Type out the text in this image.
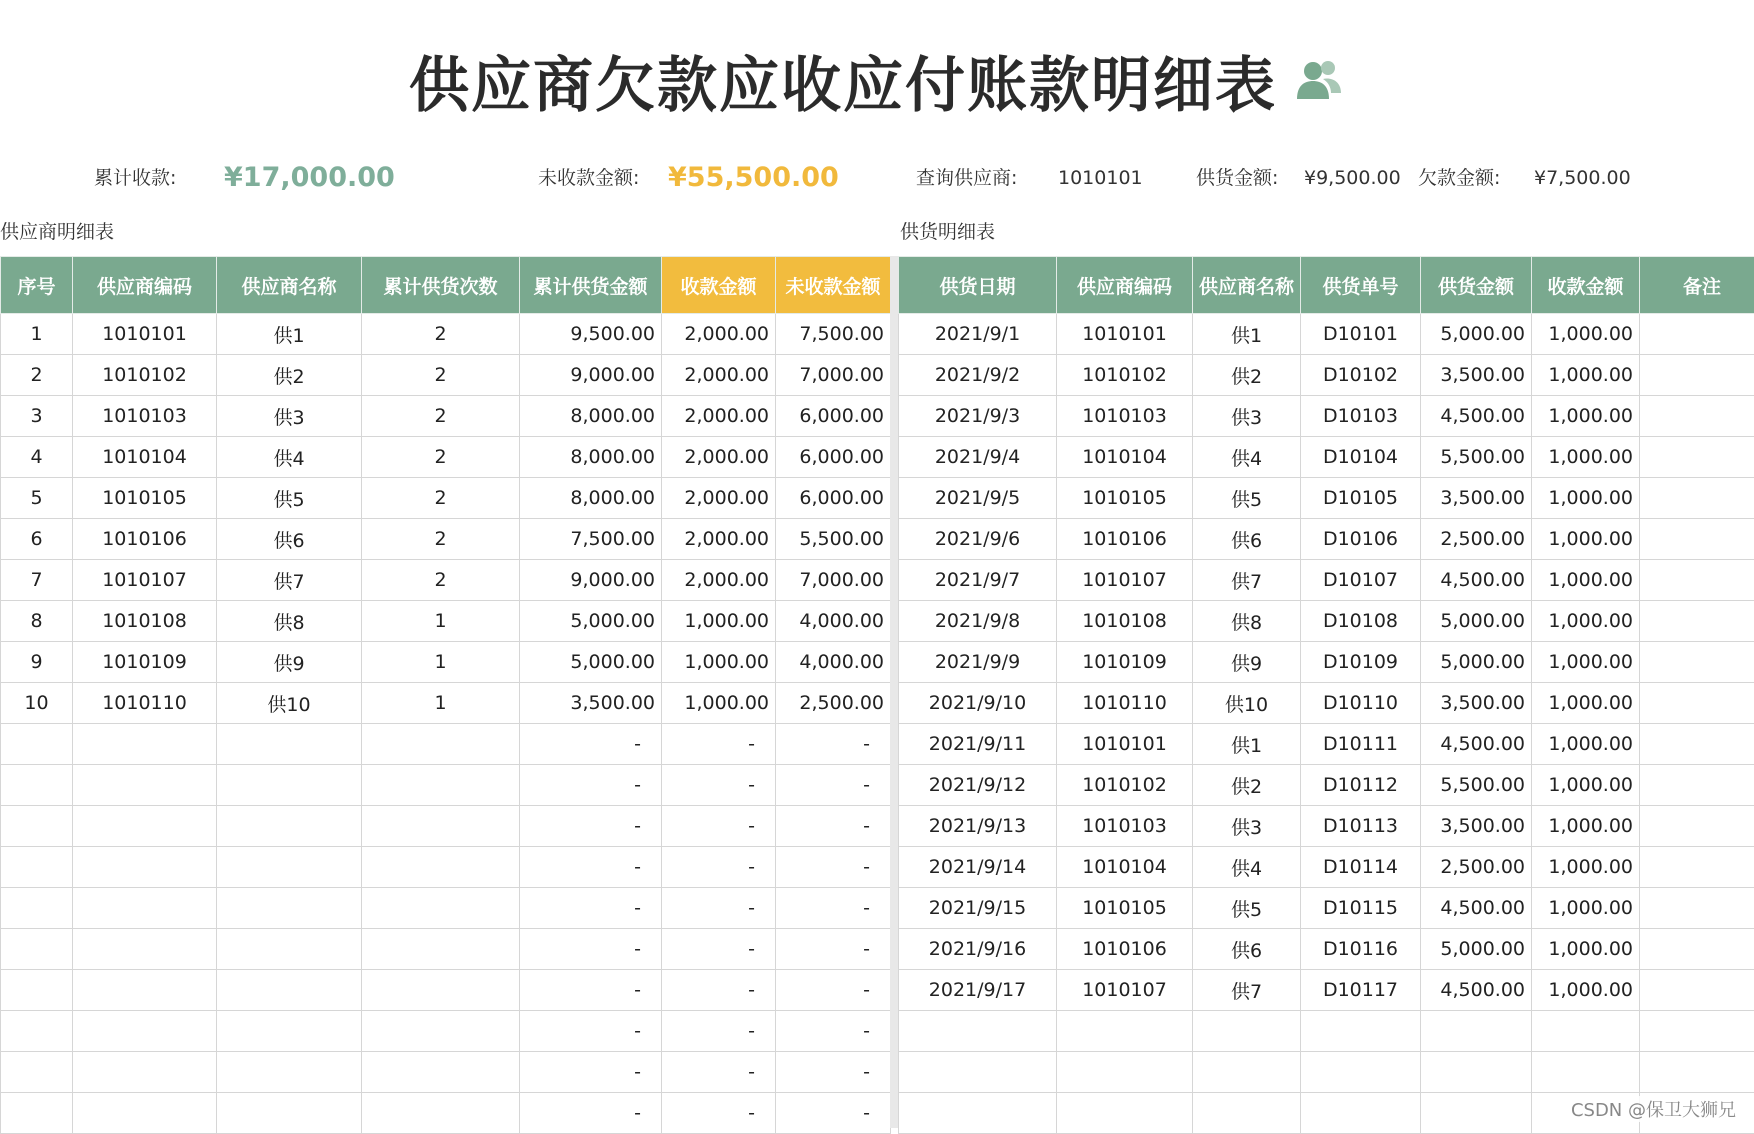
供应商欠款应收应付账款明细表
累计收款: ¥17,000.00	未收款金额: ¥55,500.00	查询供应商: 1010101	供货金额: ¥9,500.00 欠款金额: ¥7,500.00
供应商明细表	供货明细表
序号	供应商编码	供应商名称	累计供货次数	累计供货金额	收款金额	未收款金额
1	1010101	供1	2	9,500.00	2,000.00	7,500.00
2	1010102	供2	2	9,000.00	2,000.00	7,000.00
3	1010103	供3	2	8,000.00	2,000.00	6,000.00
4	1010104	供4	2	8,000.00	2,000.00	6,000.00
5	1010105	供5	2	8,000.00	2,000.00	6,000.00
6	1010106	供6	2	7,500.00	2,000.00	5,500.00
7	1010107	供7	2	9,000.00	2,000.00	7,000.00
8	1010108	供8	1	5,000.00	1,000.00	4,000.00
9	1010109	供9	1	5,000.00	1,000.00	4,000.00
10	1010110	供10	1	3,500.00	1,000.00	2,500.00
				-	-	-
				-	-	-
				-	-	-
				-	-	-
				-	-	-
				-	-	-
				-	-	-
				-	-	-
				-	-	-
				-	-	-
供货日期	供应商编码	供应商名称	供货单号	供货金额	收款金额	备注
2021/9/1	1010101	供1	D10101	5,000.00	1,000.00	
2021/9/2	1010102	供2	D10102	3,500.00	1,000.00	
2021/9/3	1010103	供3	D10103	4,500.00	1,000.00	
2021/9/4	1010104	供4	D10104	5,500.00	1,000.00	
2021/9/5	1010105	供5	D10105	3,500.00	1,000.00	
2021/9/6	1010106	供6	D10106	2,500.00	1,000.00	
2021/9/7	1010107	供7	D10107	4,500.00	1,000.00	
2021/9/8	1010108	供8	D10108	5,000.00	1,000.00	
2021/9/9	1010109	供9	D10109	5,000.00	1,000.00	
2021/9/10	1010110	供10	D10110	3,500.00	1,000.00	
2021/9/11	1010101	供1	D10111	4,500.00	1,000.00	
2021/9/12	1010102	供2	D10112	5,500.00	1,000.00	
2021/9/13	1010103	供3	D10113	3,500.00	1,000.00	
2021/9/14	1010104	供4	D10114	2,500.00	1,000.00	
2021/9/15	1010105	供5	D10115	4,500.00	1,000.00	
2021/9/16	1010106	供6	D10116	5,000.00	1,000.00	
2021/9/17	1010107	供7	D10117	4,500.00	1,000.00	

CSDN @保卫大狮兄
